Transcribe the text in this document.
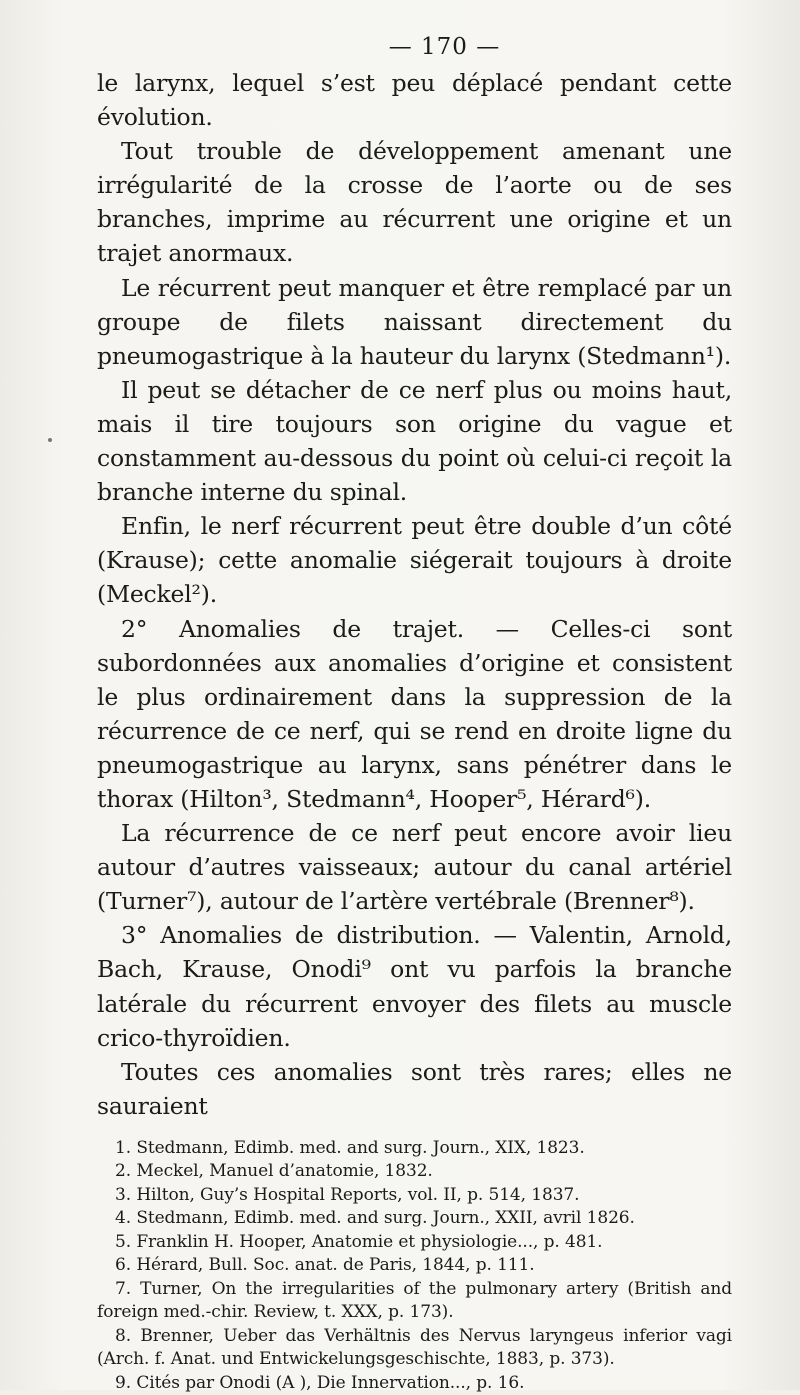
— 170 —

le larynx, lequel s’est peu déplacé pendant cette évolution.

Tout trouble de développement amenant une irrégularité de la crosse de l’aorte ou de ses branches, imprime au récurrent une origine et un trajet anormaux.

Le récurrent peut manquer et être remplacé par un groupe de filets naissant directement du pneumogastrique à la hauteur du larynx (Stedmann¹).

Il peut se détacher de ce nerf plus ou moins haut, mais il tire toujours son origine du vague et constamment au-dessous du point où celui-ci reçoit la branche interne du spinal.

Enfin, le nerf récurrent peut être double d’un côté (Krause); cette anomalie siégerait toujours à droite (Meckel²).

2° Anomalies de trajet. — Celles-ci sont subordonnées aux anomalies d’origine et consistent le plus ordinairement dans la suppression de la récurrence de ce nerf, qui se rend en droite ligne du pneumogastrique au larynx, sans pénétrer dans le thorax (Hilton³, Stedmann⁴, Hooper⁵, Hérard⁶).

La récurrence de ce nerf peut encore avoir lieu autour d’autres vaisseaux; autour du canal artériel (Turner⁷), autour de l’artère vertébrale (Brenner⁸).

3° Anomalies de distribution. — Valentin, Arnold, Bach, Krause, Onodi⁹ ont vu parfois la branche latérale du récurrent envoyer des filets au muscle crico-thyroïdien.

Toutes ces anomalies sont très rares; elles ne sauraient

1. Stedmann, Edimb. med. and surg. Journ., XIX, 1823.

2. Meckel, Manuel d’anatomie, 1832.

3. Hilton, Guy’s Hospital Reports, vol. II, p. 514, 1837.

4. Stedmann, Edimb. med. and surg. Journ., XXII, avril 1826.

5. Franklin H. Hooper, Anatomie et physiologie..., p. 481.

6. Hérard, Bull. Soc. anat. de Paris, 1844, p. 111.

7. Turner, On the irregularities of the pulmonary artery (British and foreign med.-chir. Review, t. XXX, p. 173).

8. Brenner, Ueber das Verhältnis des Nervus laryngeus inferior vagi (Arch. f. Anat. und Entwickelungsgeschischte, 1883, p. 373).

9. Cités par Onodi (A ), Die Innervation..., p. 16.
